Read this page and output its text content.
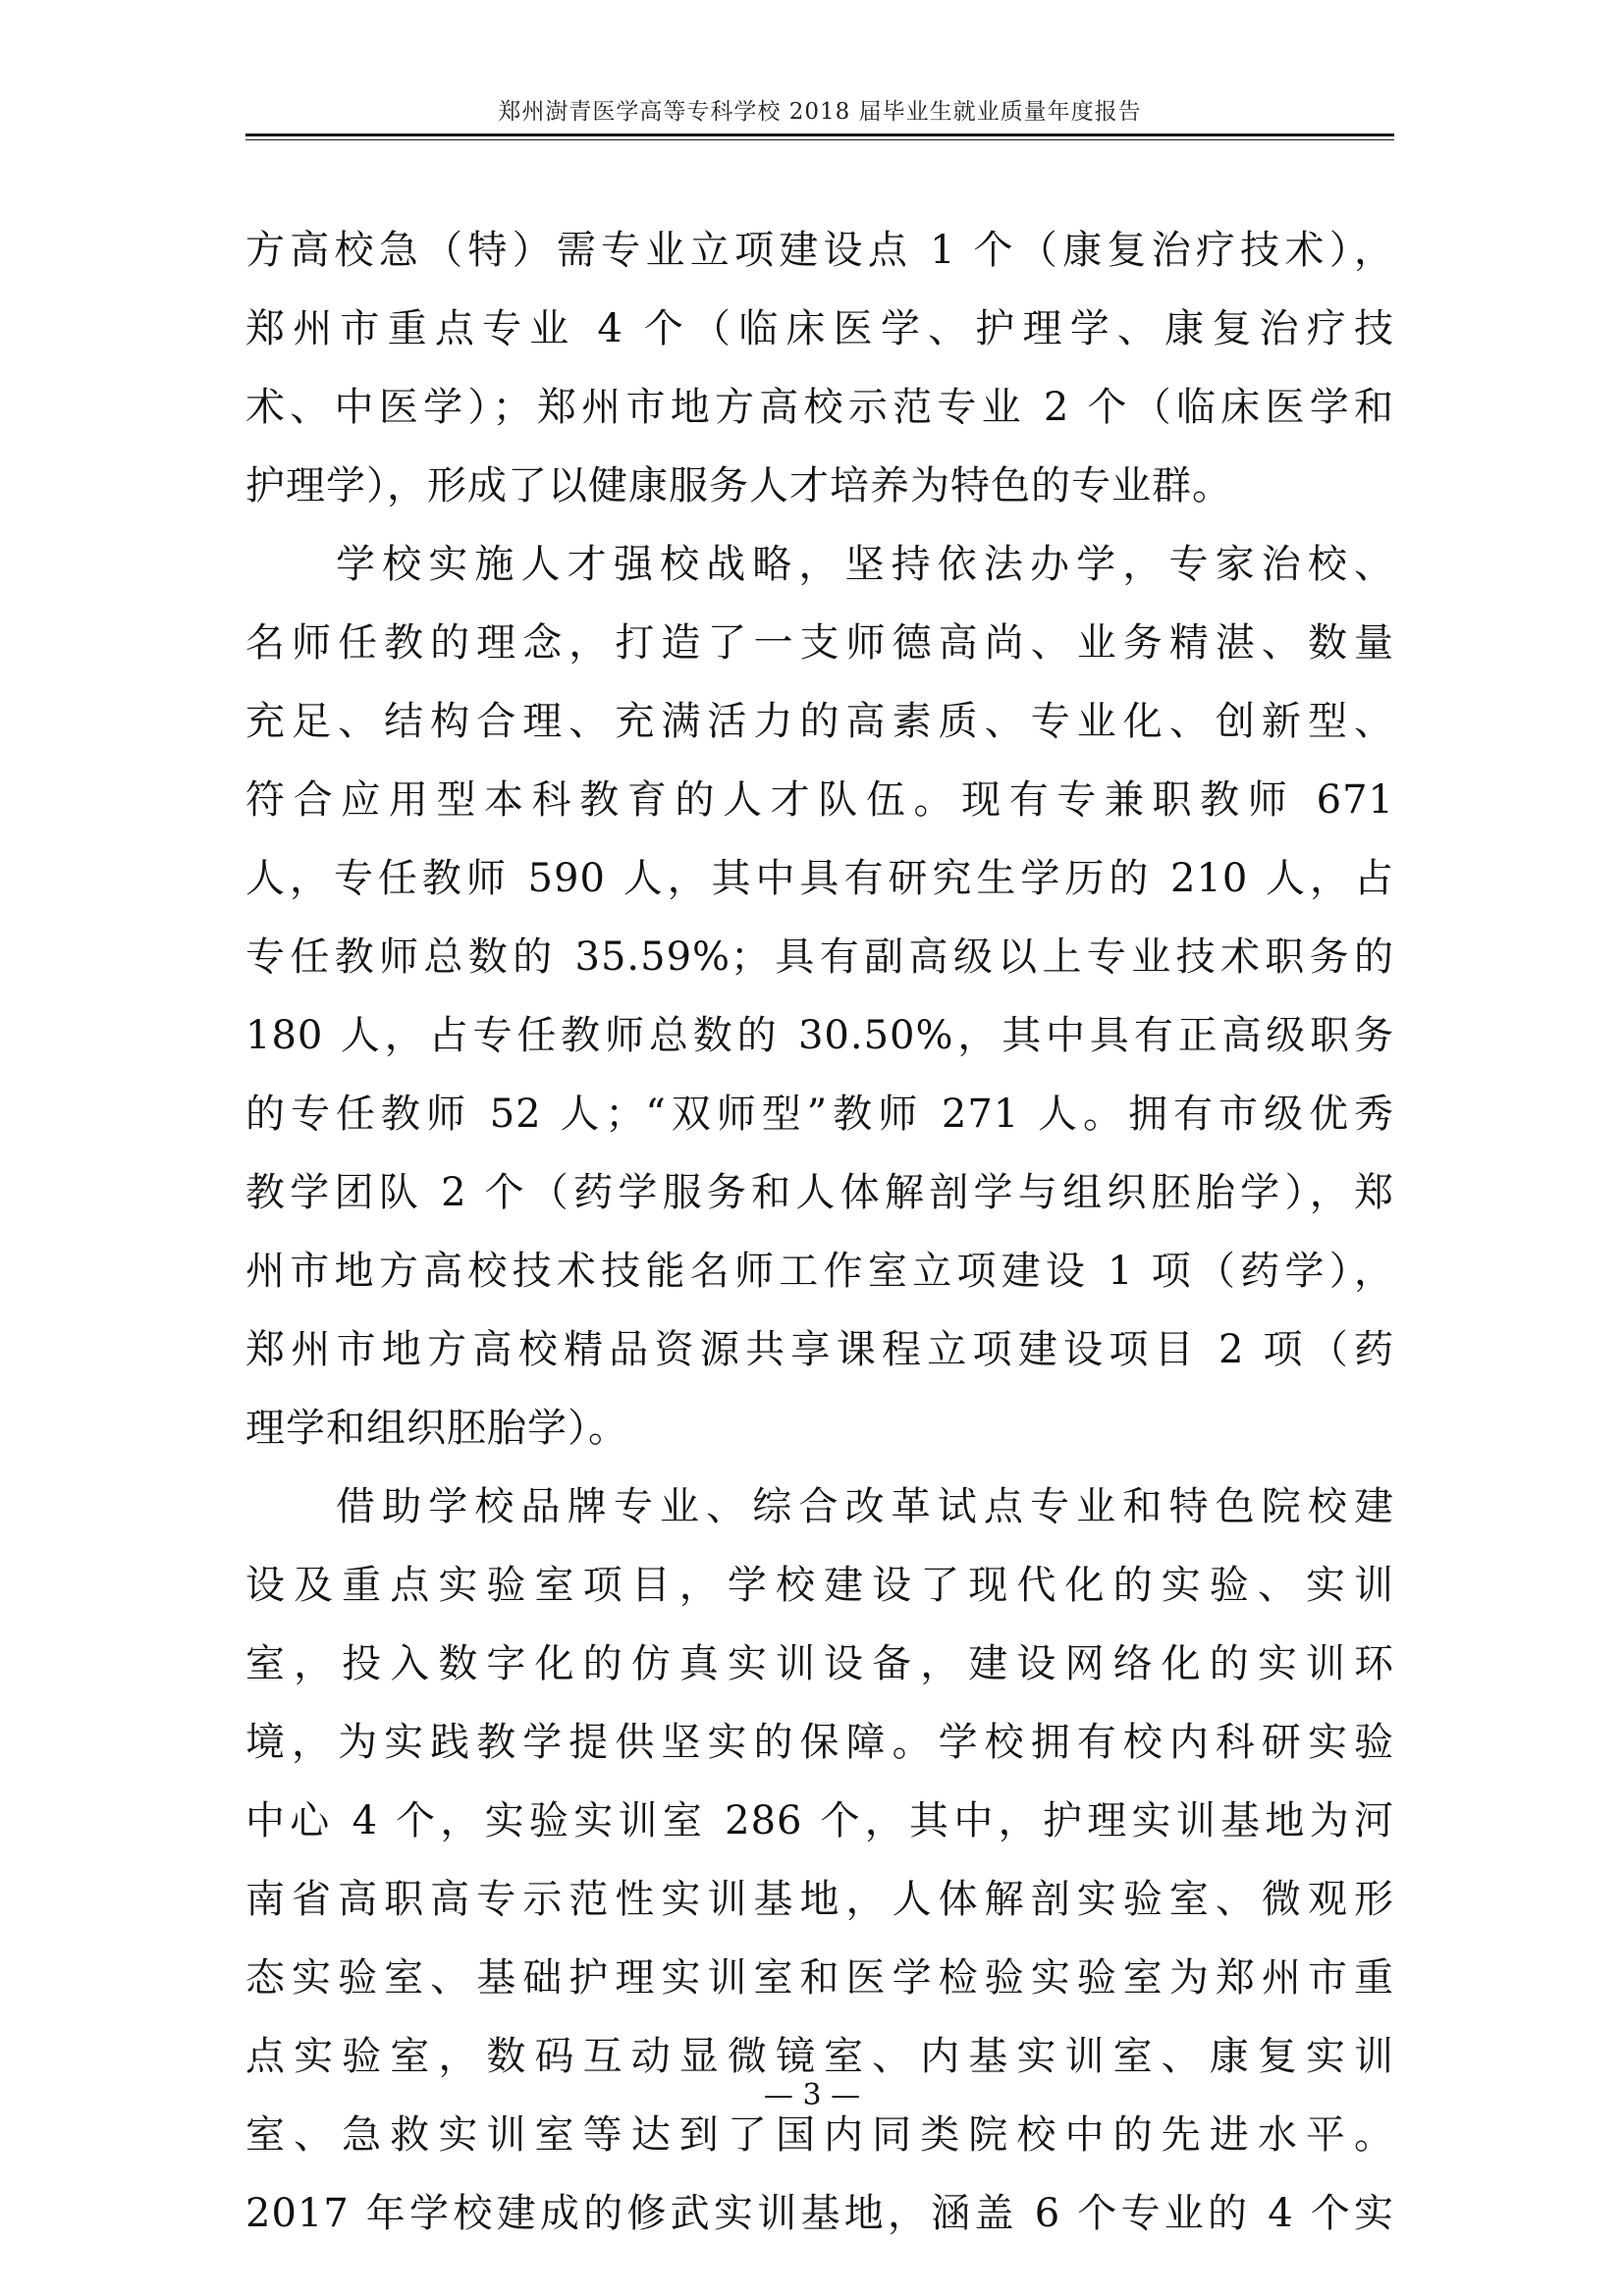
郑州澍青医学高等专科学校 2018 届毕业生就业质量年度报告
方高校急（特）需专业立项建设点 1 个（康复治疗技术），
郑州市重点专业 4 个（临床医学、护理学、康复治疗技
术、中医学）；郑州市地方高校示范专业 2 个（临床医学和
护理学），形成了以健康服务人才培养为特色的专业群。
学校实施人才强校战略，坚持依法办学，专家治校、
名师任教的理念，打造了一支师德高尚、业务精湛、数量
充足、结构合理、充满活力的高素质、专业化、创新型、
符合应用型本科教育的人才队伍。现有专兼职教师 671
人，专任教师 590 人，其中具有研究生学历的 210 人，占
专任教师总数的 35.59%；具有副高级以上专业技术职务的
180 人，占专任教师总数的 30.50%，其中具有正高级职务
的专任教师 52 人；“双师型”教师 271 人。拥有市级优秀
教学团队 2 个（药学服务和人体解剖学与组织胚胎学），郑
州市地方高校技术技能名师工作室立项建设 1 项（药学），
郑州市地方高校精品资源共享课程立项建设项目 2 项（药
理学和组织胚胎学）。
借助学校品牌专业、综合改革试点专业和特色院校建
设及重点实验室项目，学校建设了现代化的实验、实训
室，投入数字化的仿真实训设备，建设网络化的实训环
境，为实践教学提供坚实的保障。学校拥有校内科研实验
中心 4 个，实验实训室 286 个，其中，护理实训基地为河
南省高职高专示范性实训基地，人体解剖实验室、微观形
态实验室、基础护理实训室和医学检验实验室为郑州市重
点实验室，数码互动显微镜室、内基实训室、康复实训
室、急救实训室等达到了国内同类院校中的先进水平。
2017 年学校建成的修武实训基地，涵盖 6 个专业的 4 个实
— 3 —
